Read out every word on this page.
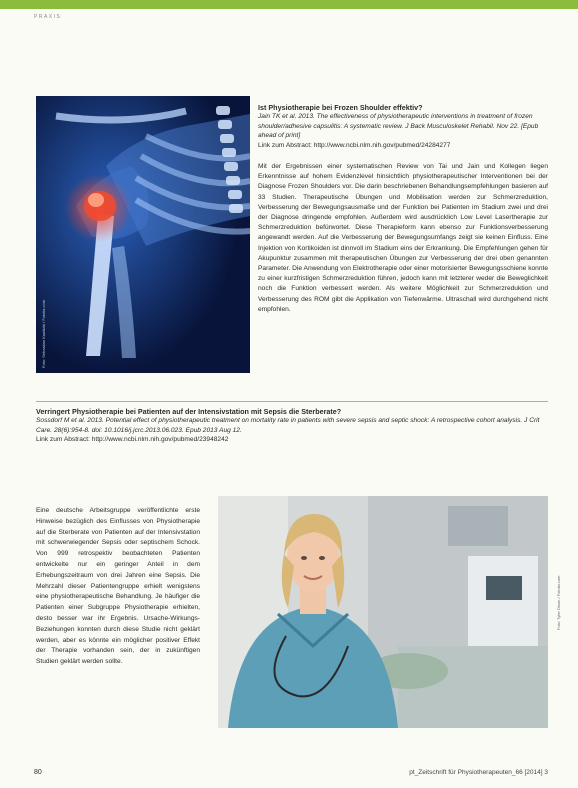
PRAXIS
Foto: Sebastian Kaulitzki / Fotolia.com
Ist Physiotherapie bei Frozen Shoulder effektiv?
Jain TK et al. 2013. The effectiveness of physiotherapeutic interventions in treatment of frozen shoulder/adhesive capsulitis: A systematic review. J Back Musculoskelet Rehabil. Nov 22. [Epub ahead of print]
Link zum Abstract: http://www.ncbi.nlm.nih.gov/pubmed/24284277
Mit der Ergebnissen einer systematischen Review von Tai und Jain und Kollegen liegen Erkenntnisse auf hohem Evidenzlevel hinsichtlich physiotherapeutischer Interventionen bei der Diagnose Frozen Shoulders vor. Die darin beschriebenen Behandlungsempfehlungen basieren auf 33 Studien. Therapeutische Übungen und Mobilisation werden zur Schmerzreduktion, Verbesserung der Bewegungsausmaße und der Funktion bei Patienten im Stadium zwei und drei der Diagnose dringende empfohlen. Außerdem wird ausdrücklich Low Level Lasertherapie zur Schmerzreduktion befürwortet. Diese Therapieform kann ebenso zur Funktionsverbesserung angewandt werden. Auf die Verbesserung der Bewegungsumfangs zeigt sie keinen Einfluss. Eine Injektion von Kortikoiden ist dinnvoll im Stadium eins der Erkrankung. Die Empfehlungen gehen für Akupunktur zusammen mit therapeutischen Übungen zur Verbesserung der drei oben genannten Parameter. Die Anwendung von Elektrotherapie oder einer motorisierter Bewegungsschiene konnte zu einer kurzfristigen Schmerzreduktion führen, jedoch kann mit letzterer weder die Beweglichkeit noch die Funktion verbessert werden. Als weitere Möglichkeit zur Schmerzreduktion und Verbesserung des ROM gibt die Applikation von Tiefenwärme. Ultraschall wird durchgehend nicht empfohlen.
Verringert Physiotherapie bei Patienten auf der Intensivstation mit Sepsis die Sterberate?
Sossdorf M et al. 2013. Potential effect of physiotherapeutic treatment on mortality rate in patients with severe sepsis and septic shock: A retrospective cohort analysis. J Crit Care. 28(6):954-8. doi: 10.1016/j.jcrc.2013.06.023. Epub 2013 Aug 12.
Link zum Abstract: http://www.ncbi.nlm.nih.gov/pubmed/23948242
Eine deutsche Arbeitsgruppe veröffentlichte erste Hinweise bezüglich des Einflusses von Physiotherapie auf die Sterberate von Patienten auf der Intensivstation mit schwerwiegender Sepsis oder septischem Schock. Von 999 retrospektiv beobachteten Patienten entwickelte nur ein geringer Anteil in dem Erhebungszeitraum von drei Jahren eine Sepsis. Die Mehrzahl dieser Patientengruppe erhielt wenigstens eine physiotherapeutische Behandlung. Je häufiger die Patienten einer Subgruppe Physiotherapie erhielten, desto besser war ihr Ergebnis. Ursache-Wirkungs-Beziehungen konnten durch diese Studie nicht geklärt werden, aber es könnte ein möglicher positiver Effekt der Therapie vorhanden sein, der in zukünftigen Studien geklärt werden sollte.
Foto: Tyler Olson / Fotolia.com
80	pt_Zeitschrift für Physiotherapeuten_66 [2014] 3
